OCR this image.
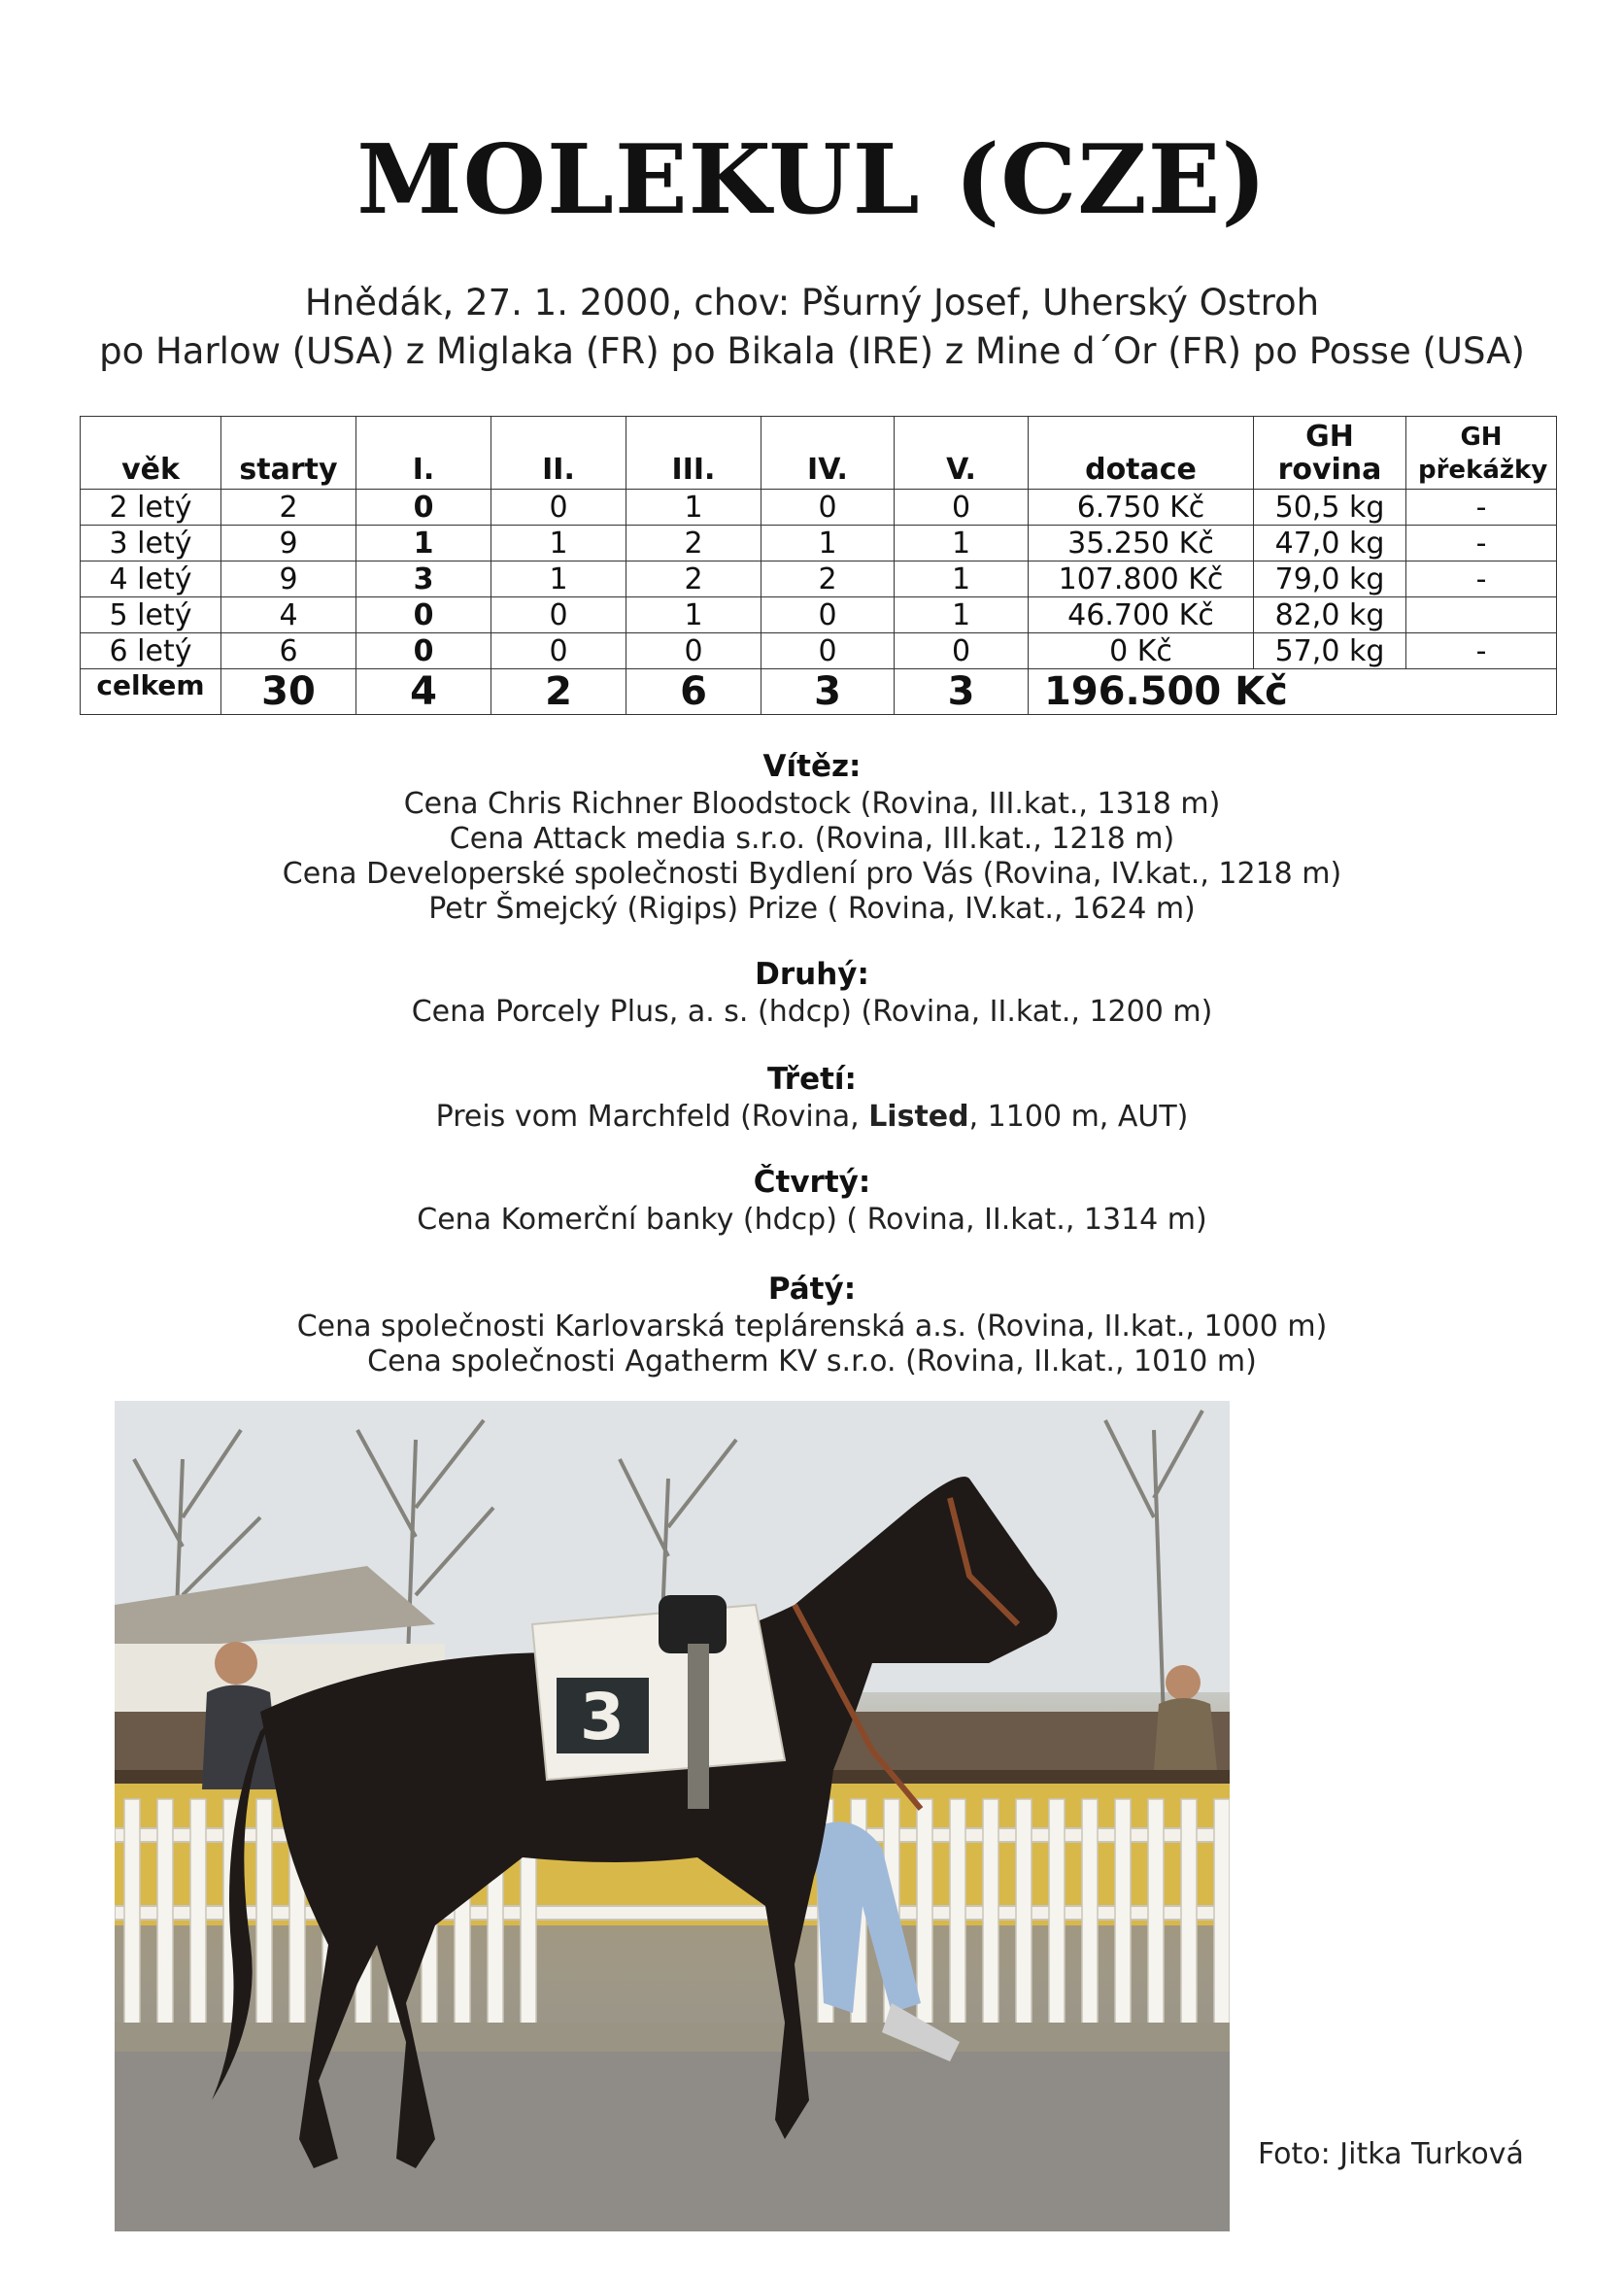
MOLEKUL (CZE)
Hnědák, 27. 1. 2000, chov: Pšurný Josef, Uherský Ostroh
po Harlow (USA) z Miglaka (FR) po Bikala (IRE) z Mine d´Or (FR) po Posse (USA)
věk	starty	I.	II.	III.	IV.	V.	dotace	GH rovina	GH překážky
2 letý	2	0	0	1	0	0	6.750 Kč	50,5 kg	-
3 letý	9	1	1	2	1	1	35.250 Kč	47,0 kg	-
4 letý	9	3	1	2	2	1	107.800 Kč	79,0 kg	-
5 letý	4	0	0	1	0	1	46.700 Kč	82,0 kg	
6 letý	6	0	0	0	0	0	0 Kč	57,0 kg	-
celkem	30	4	2	6	3	3	196.500 Kč		
Vítěz:
Cena Chris Richner Bloodstock (Rovina, III.kat., 1318 m)
Cena Attack media s.r.o. (Rovina, III.kat., 1218 m)
Cena Developerské společnosti Bydlení pro Vás (Rovina, IV.kat., 1218 m)
Petr Šmejcký (Rigips) Prize ( Rovina, IV.kat., 1624 m)
Druhý:
Cena Porcely Plus, a. s. (hdcp) (Rovina, II.kat., 1200 m)
Třetí:
Preis vom Marchfeld (Rovina, Listed, 1100 m, AUT)
Čtvrtý:
Cena Komerční banky (hdcp) ( Rovina, II.kat., 1314 m)
Pátý:
Cena společnosti Karlovarská teplárenská a.s. (Rovina, II.kat., 1000 m)
Cena společnosti Agatherm KV s.r.o. (Rovina, II.kat., 1010 m)
3
Foto: Jitka Turková
